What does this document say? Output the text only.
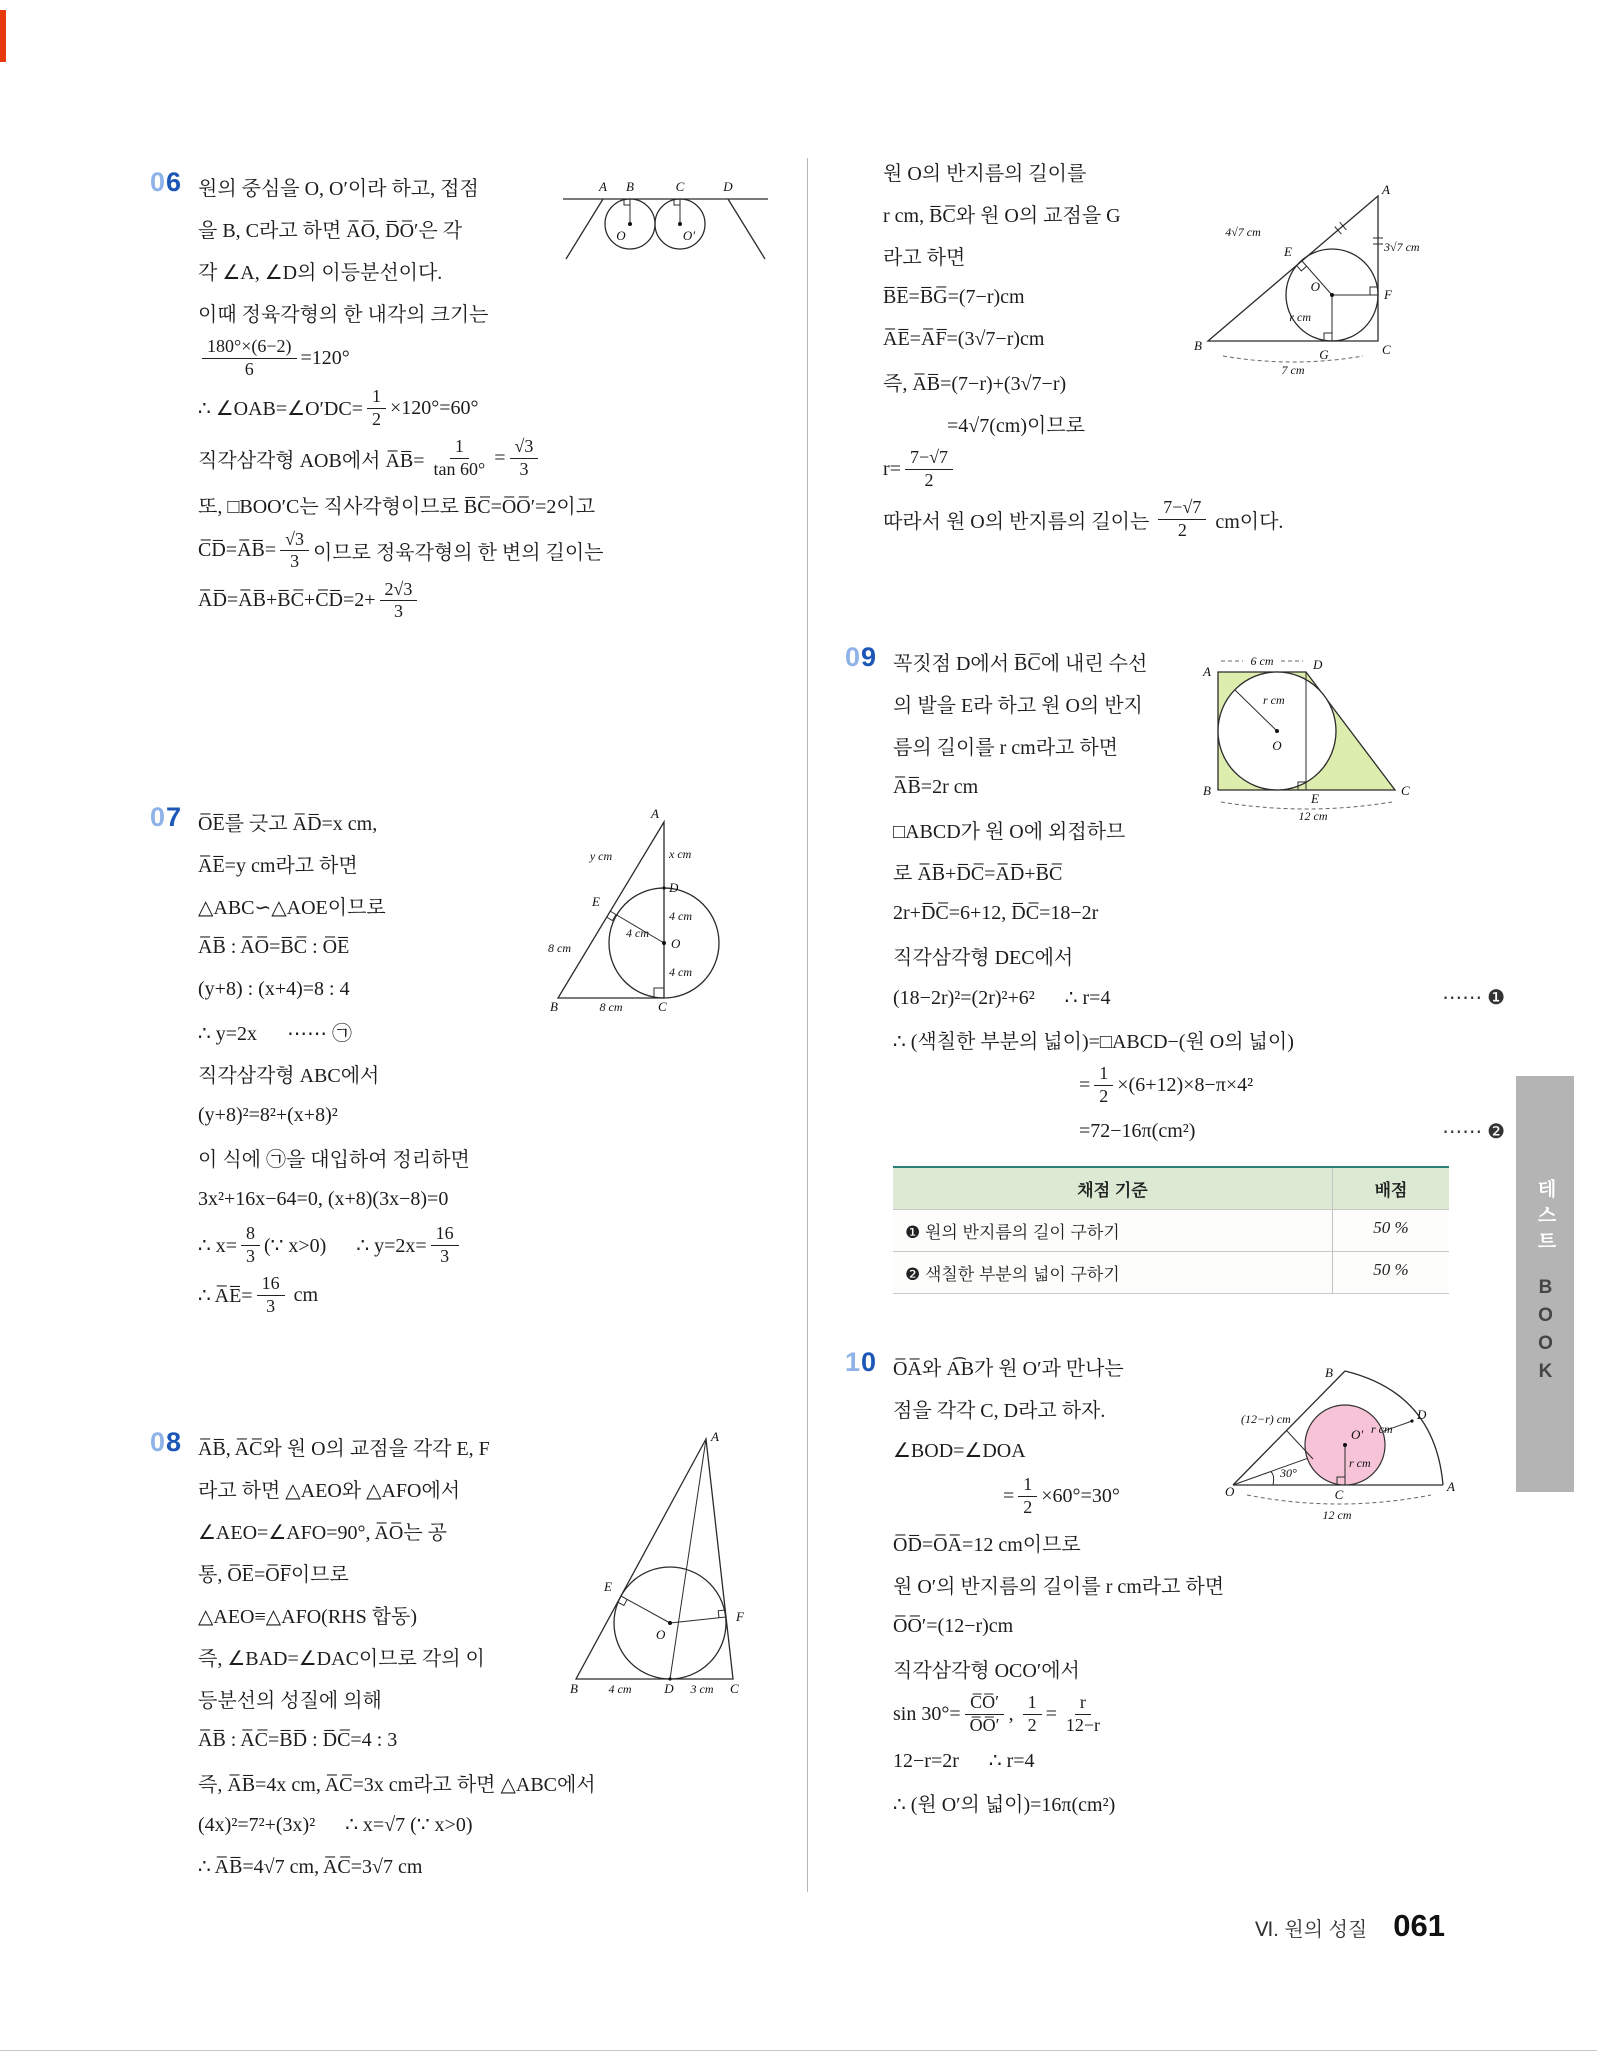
06 원의 중심을 O, O′이라 하고, 접점
을 B, C라고 하면 A̅O̅, D̅O̅′은 각
각 ∠A, ∠D의 이등분선이다.
이때 정육각형의 한 내각의 크기는
$\frac{180^\circ\times(6-2)}{6} =120^\circ$
∴ ∠OAB=∠O′DC= $\frac{1}{2} \times 120^\circ=60^\circ$
직각삼각형 AOB에서 A̅B̅= $\frac{1}{\tan 60^\circ} = \frac{√3}{3}$
또, □BOO′C는 직사각형이므로 B̅C̅=O̅O̅′=2이고
C̅D̅=A̅B̅= $\frac{√3}{3}$ 이므로 정육각형의 한 변의 길이는
A̅D̅=A̅B̅+B̅C̅+C̅D̅=2+ $\frac{2√3}{3}$
A B	C	D
O	O′
07 O̅E̅를 긋고 A̅D̅=x cm,
A̅E̅=y cm라고 하면
△ABC∽△AOE이므로
A̅B̅ : A̅O̅=B̅C̅ : O̅E̅
(y+8) : (x+4)=8 : 4
∴ y=2x      ⋯⋯ ㉠
직각삼각형 ABC에서
(y+8)²=8²+(x+8)²
이 식에 ㉠을 대입하여 정리하면
3x²+16x−64=0, (x+8)(3x−8)=0
∴ $x= \frac{8}{3}$ (∵ x>0)      ∴ $y=2x= \frac{16}{3}$
∴ A̅E̅= $\frac{16}{3}$ cm
A
y cm	x cm
D
4 cm
O
4 cm
4 cm
E
8 cm
B	8 cm	C
08 A̅B̅, A̅C̅와 원 O의 교점을 각각 E, F
라고 하면 △AEO와 △AFO에서
∠AEO=∠AFO=90°, A̅O̅는 공
통, O̅E̅=O̅F̅이므로
△AEO≡△AFO(RHS 합동)
즉, ∠BAD=∠DAC이므로 각의 이
등분선의 성질에 의해
A̅B̅ : A̅C̅=B̅D̅ : D̅C̅=4 : 3
즉, A̅B̅=4x cm, A̅C̅=3x cm라고 하면 △ABC에서
(4x)²=7²+(3x)²      ∴ x=√7 (∵ x>0)
∴ A̅B̅=4√7 cm, A̅C̅=3√7 cm
A
E
F
O
B	4 cm	D 3 cm C
원 O의 반지름의 길이를
r cm, B̅C̅와 원 O의 교점을 G
라고 하면
B̅E̅=B̅G̅=(7−r)cm
A̅E̅=A̅F̅=(3√7−r)cm
즉, A̅B̅=(7−r)+(3√7−r)
=4√7(cm)이므로
$r= \frac{7-√7}{2}$
따라서 원 O의 반지름의 길이는 $\frac{7-√7}{2}$ cm이다.
A
4√7 cm
3√7 cm
E
O
r cm
F
B	C
G
7 cm
09 꼭짓점 D에서 B̅C̅에 내린 수선
의 발을 E라 하고 원 O의 반지
름의 길이를 r cm라고 하면
A̅B̅=2r cm
□ABCD가 원 O에 외접하므
로 A̅B̅+D̅C̅=A̅D̅+B̅C̅
2r+D̅C̅=6+12, D̅C̅=18−2r
직각삼각형 DEC에서
(18−2r)²=(2r)²+6²      ∴ r=4	⋯⋯ ❶
∴ (색칠한 부분의 넓이)=□ABCD−(원 O의 넓이)
= $\frac{1}{2} \times(6+12)\times 8-\pi\times 4^2$
=72−16π(cm²)	⋯⋯ ❷
채점 기준	배점
❶ 원의 반지름의 길이 구하기	50 %
❷ 색칠한 부분의 넓이 구하기	50 %
6 cm
A	D
r cm
O
B
E
C
12 cm
10 O̅A̅와 A͡B가 원 O′과 만나는
점을 각각 C, D라고 하자.
∠BOD=∠DOA
= $\frac{1}{2} \times 60^\circ=30^\circ$
O̅D̅=O̅A̅=12 cm이므로
원 O′의 반지름의 길이를 r cm라고 하면
O̅O̅′=(12−r)cm
직각삼각형 OCO′에서
$\sin 30^\circ= \frac{C̅O̅'}{O̅O̅'}$ , $\frac{1}{2} = \frac{r}{12-r}$
12−r=2r      ∴ r=4
∴ (원 O′의 넓이)=16π(cm²)
B
D
(12−r) cm
O′ r cm
r cm
30°
O	C
A
12 cm
테스트
BOOK
Ⅵ. 원의 성질 061
